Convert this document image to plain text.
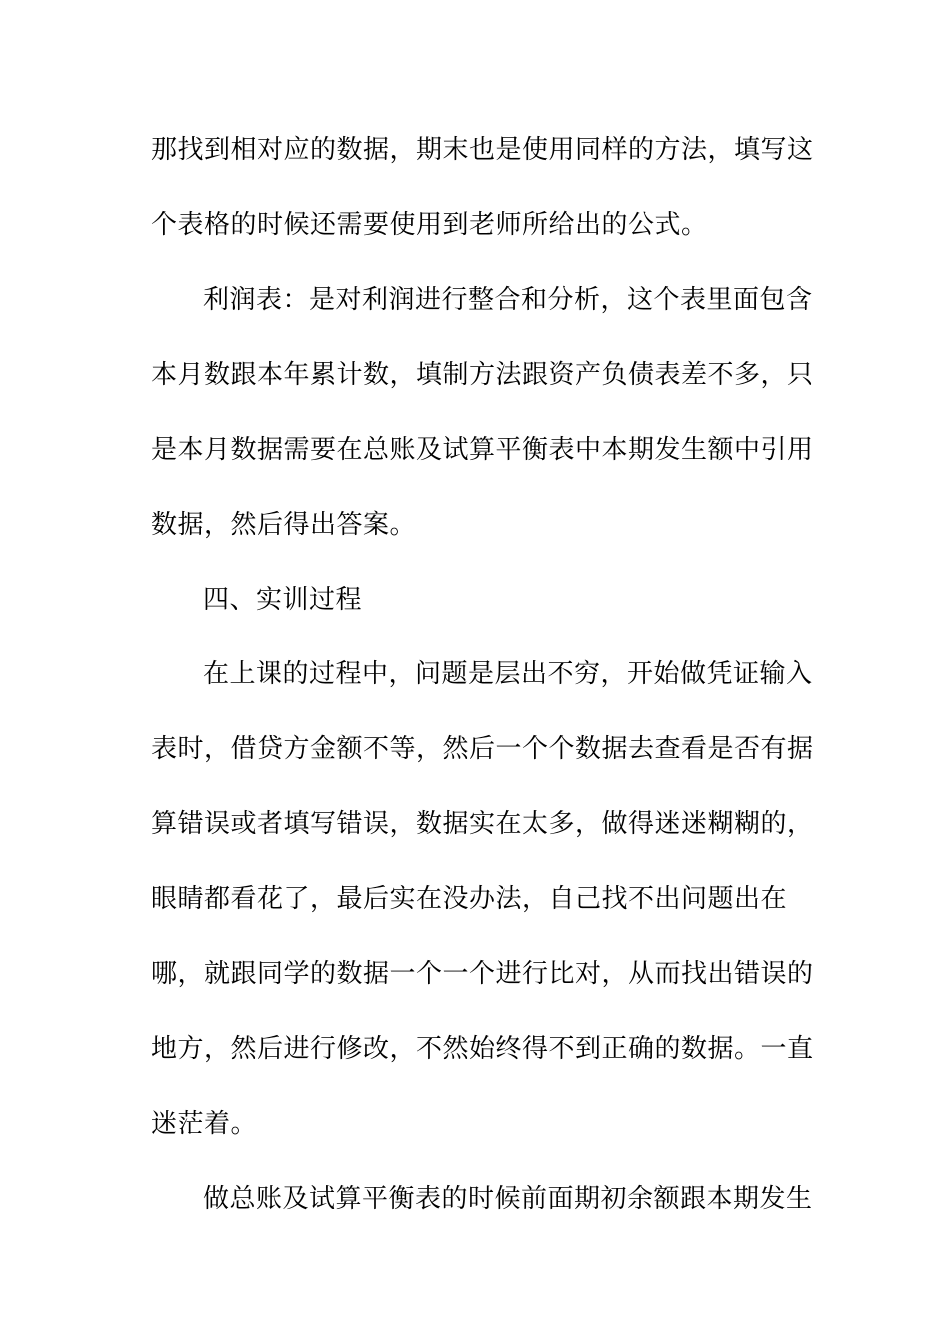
那找到相对应的数据，期末也是使用同样的方法，填写这
个表格的时候还需要使用到老师所给出的公式。
利润表：是对利润进行整合和分析，这个表里面包含
本月数跟本年累计数，填制方法跟资产负债表差不多，只
是本月数据需要在总账及试算平衡表中本期发生额中引用
数据，然后得出答案。
四、实训过程
在上课的过程中，问题是层出不穷，开始做凭证输入
表时，借贷方金额不等，然后一个个数据去查看是否有据
算错误或者填写错误，数据实在太多，做得迷迷糊糊的，
眼睛都看花了，最后实在没办法，自己找不出问题出在
哪，就跟同学的数据一个一个进行比对，从而找出错误的
地方，然后进行修改，不然始终得不到正确的数据。一直
迷茫着。
做总账及试算平衡表的时候前面期初余额跟本期发生
